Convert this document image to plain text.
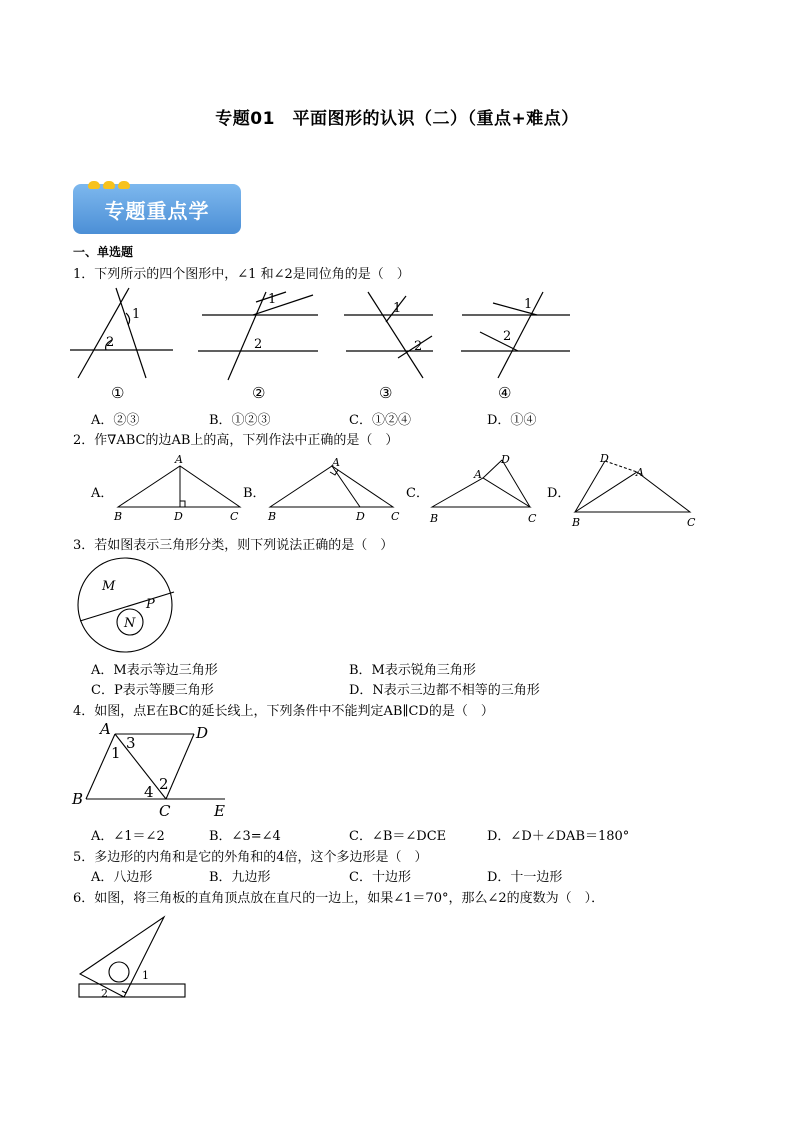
专题01　平面图形的认识（二）（重点+难点）
专题重点学
一、单选题
1．下列所示的四个图形中，∠1 和∠2是同位角的是（　）
1
2
1
2
1
2
1
2
①	②	③	④
A．②③	B．①②③	C．①②④	D．①④
2．作∇ABC的边AB上的高，下列作法中正确的是（　）
A．	B．	C．	D．
A
B	D	C
A
B	D C
A
D
B	C
D
A
B	C
3．若如图表示三角形分类，则下列说法正确的是（　）
M
P
N
A．M表示等边三角形	B．M表示锐角三角形
C．P表示等腰三角形	D．N表示三边都不相等的三角形
4．如图，点E在BC的延长线上，下列条件中不能判定AB∥CD的是（　）
A
B
C
D
E
1
2
3
4
A．∠1＝∠2	B．∠3=∠4	C．∠B＝∠DCE	D．∠D＋∠DAB＝180°
5．多边形的内角和是它的外角和的4倍，这个多边形是（　）
A．八边形	B．九边形	C．十边形	D．十一边形
6．如图，将三角板的直角顶点放在直尺的一边上，如果∠1＝70°，那么∠2的度数为（　）．
1
2
